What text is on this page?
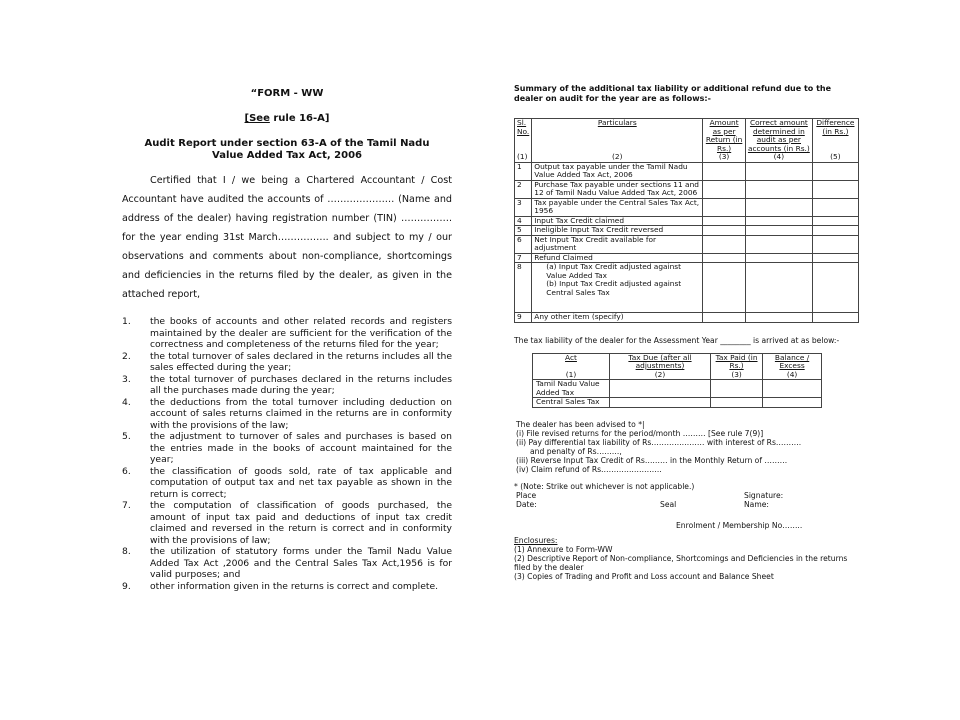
“FORM - WW

[See rule 16-A]

Audit Report under section 63-A of the Tamil Nadu
Value Added Tax Act, 2006

Certified that I / we being a Chartered Accountant / Cost Accountant have audited the accounts of ………………… (Name and address of the dealer) having registration number (TIN) ……………. for the year ending 31st March……………. and subject to my / our observations and comments about non-compliance, shortcomings and deficiencies in the returns filed by the dealer, as given in the attached report,

1. the books of accounts and other related records and registers maintained by the dealer are sufficient for the verification of the correctness and completeness of the returns filed for the year;
2. the total turnover of sales declared in the returns includes all the sales effected during the year;
3. the total turnover of purchases declared in the returns includes all the purchases made during the year;
4. the deductions from the total turnover including deduction on account of sales returns claimed in the returns are in conformity with the provisions of the law;
5. the adjustment to turnover of sales and purchases is based on the entries made in the books of account maintained for the year;
6. the classification of goods sold, rate of tax applicable and computation of output tax and net tax payable as shown in the return is correct;
7. the computation of classification of goods purchased, the amount of input tax paid and deductions of input tax credit claimed and reversed in the return is correct and in conformity with the provisions of law;
8. the utilization of statutory forms under the Tamil Nadu Value Added Tax Act ,2006 and the Central Sales Tax Act,1956 is for valid purposes; and
9. other information given in the returns is correct and complete.

Summary of the additional tax liability or additional refund due to the dealer on audit for the year are as follows:-

Sl. No.	Particulars	Amount as per Return (in Rs.)	Correct amount determined in audit as per accounts (in Rs.)	Difference (in Rs.)
(1)	(2)	(3)	(4)	(5)
1	Output tax payable under the Tamil Nadu Value Added Tax Act, 2006			
2	Purchase Tax payable under sections 11 and 12 of Tamil Nadu Value Added Tax Act, 2006			
3	Tax payable under the Central Sales Tax Act, 1956			
4	Input Tax Credit claimed			
5	Ineligible Input Tax Credit reversed			
6	Net Input Tax Credit available for adjustment			
7	Refund Claimed			
8	(a) Input Tax Credit adjusted against Value Added Tax
(b) Input Tax Credit adjusted against Central Sales Tax			

9	Any other item (specify)			

The tax liability of the dealer for the Assessment Year ________ is arrived at as below:-

Act	Tax Due (after all adjustments)	Tax Paid (in Rs.)	Balance / Excess
(1)	(2)	(3)	(4)
Tamil Nadu Value Added Tax			
Central Sales Tax			
The dealer has been advised to *|
(i) File revised returns for the period/month ……… [See rule 7(9)]
(ii) Pay differential tax liability of Rs………………… with interest of Rs……….
and penalty of Rs………,
(iii) Reverse Input Tax Credit of Rs……… in the Monthly Return of ………
(iv) Claim refund of Rs……………………
* (Note: Strike out whichever is not applicable.)
Place	Signature:
Date:	Seal	Name:
Enrolment / Membership No……..
Enclosures:
(1) Annexure to Form-WW
(2) Descriptive Report of Non-compliance, Shortcomings and Deficiencies in the returns filed by the dealer
(3) Copies of Trading and Profit and Loss account and Balance Sheet
